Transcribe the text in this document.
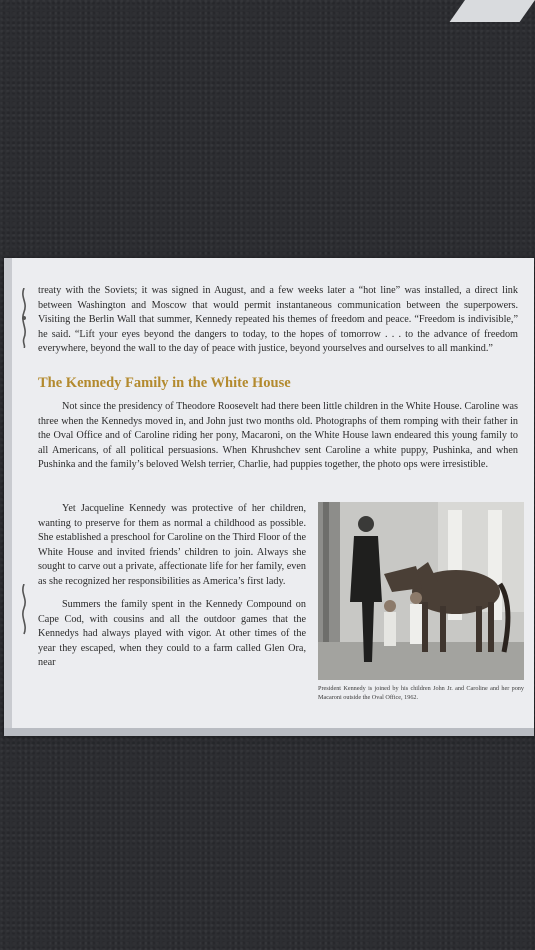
treaty with the Soviets; it was signed in August, and a few weeks later a “hot line” was installed, a direct link between Washington and Moscow that would permit instantaneous communication between the superpowers. Visiting the Berlin Wall that summer, Kennedy repeated his themes of freedom and peace. “Freedom is indivisible,” he said. “Lift your eyes beyond the dangers to today, to the hopes of tomorrow . . . to the advance of freedom everywhere, beyond the wall to the day of peace with justice, beyond yourselves and ourselves to all mankind.”
The Kennedy Family in the White House
Not since the presidency of Theodore Roosevelt had there been little children in the White House. Caroline was three when the Kennedys moved in, and John just two months old. Photographs of them romping with their father in the Oval Office and of Caroline riding her pony, Macaroni, on the White House lawn endeared this young family to all Americans, of all political persuasions. When Khrushchev sent Caroline a white puppy, Pushinka, and when Pushinka and the family’s beloved Welsh terrier, Charlie, had puppies together, the photo ops were irresistible.

Yet Jacqueline Kennedy was protective of her children, wanting to preserve for them as normal a childhood as possible. She established a preschool for Caroline on the Third Floor of the White House and invited friends’ children to join. Always she sought to carve out a private, affectionate life for her family, even as she recognized her responsibilities as America’s first lady.

Summers the family spent in the Kennedy Compound on Cape Cod, with cousins and all the outdoor games that the Kennedys had always played with vigor. At other times of the year they escaped, when they could to a farm called Glen Ora, near

President Kennedy is joined by his children John Jr. and Caroline and her pony Macaroni outside the Oval Office, 1962.
